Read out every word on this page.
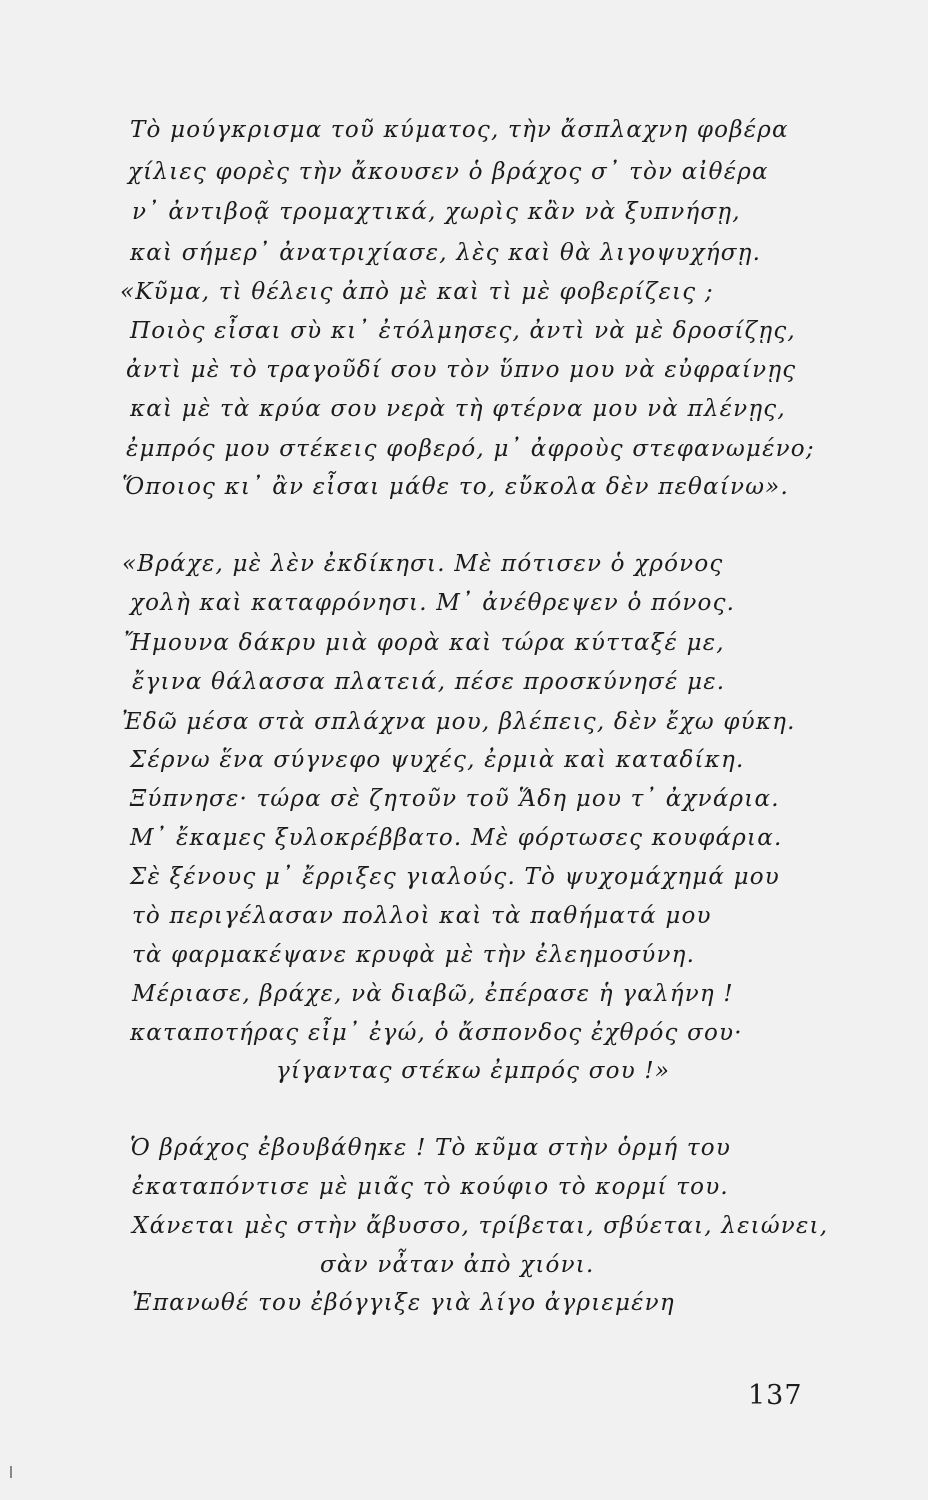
Τὸ μούγκρισμα τοῦ κύματος, τὴν ἄσπλαχνη φοβέρα
χίλιες φορὲς τὴν ἄκουσεν ὁ βράχος σ᾽ τὸν αἰθέρα
ν᾽ ἀντιβοᾷ τρομαχτικά, χωρὶς κἂν νὰ ξυπνήσῃ,
καὶ σήμερ᾽ ἀνατριχίασε, λὲς καὶ θὰ λιγοψυχήσῃ.
«Κῦμα, τὶ θέλεις ἀπὸ μὲ καὶ τὶ μὲ φοβερίζεις ;
Ποιὸς εἶσαι σὺ κι᾽ ἐτόλμησες, ἀντὶ νὰ μὲ δροσίζῃς,
ἀντὶ μὲ τὸ τραγοῦδί σου τὸν ὕπνο μου νὰ εὐφραίνῃς
καὶ μὲ τὰ κρύα σου νερὰ τὴ φτέρνα μου νὰ πλένῃς,
ἐμπρός μου στέκεις φοβερό, μ᾽ ἀφροὺς στεφανωμένο;
Ὅποιος κι᾽ ἂν εἶσαι μάθε το, εὔκολα δὲν πεθαίνω».
«Βράχε, μὲ λὲν ἐκδίκησι. Μὲ πότισεν ὁ χρόνος
χολὴ καὶ καταφρόνησι. Μ᾽ ἀνέθρεψεν ὁ πόνος.
Ἤμουνα δάκρυ μιὰ φορὰ καὶ τώρα κύτταξέ με,
ἔγινα θάλασσα πλατειά, πέσε προσκύνησέ με.
Ἐδῶ μέσα στὰ σπλάχνα μου, βλέπεις, δὲν ἔχω φύκη.
Σέρνω ἕνα σύγνεφο ψυχές, ἐρμιὰ καὶ καταδίκη.
Ξύπνησε· τώρα σὲ ζητοῦν τοῦ Ἅδη μου τ᾽ ἀχνάρια.
Μ᾽ ἔκαμες ξυλοκρέββατο. Μὲ φόρτωσες κουφάρια.
Σὲ ξένους μ᾽ ἔρριξες γιαλούς. Τὸ ψυχομάχημά μου
τὸ περιγέλασαν πολλοὶ καὶ τὰ παθήματά μου
τὰ φαρμακέψανε κρυφὰ μὲ τὴν ἐλεημοσύνη.
Μέριασε, βράχε, νὰ διαβῶ, ἐπέρασε ἡ γαλήνη !
καταποτήρας εἶμ᾽ ἐγώ, ὁ ἄσπονδος ἐχθρός σου·
γίγαντας στέκω ἐμπρός σου !»
Ὁ βράχος ἐβουβάθηκε ! Τὸ κῦμα στὴν ὁρμή του
ἐκαταπόντισε μὲ μιᾶς τὸ κούφιο τὸ κορμί του.
Χάνεται μὲς στὴν ἄβυσσο, τρίβεται, σβύεται, λειώνει,
σὰν νἆταν ἀπὸ χιόνι.
Ἐπανωθέ του ἐβόγγιξε γιὰ λίγο ἀγριεμένη
137
